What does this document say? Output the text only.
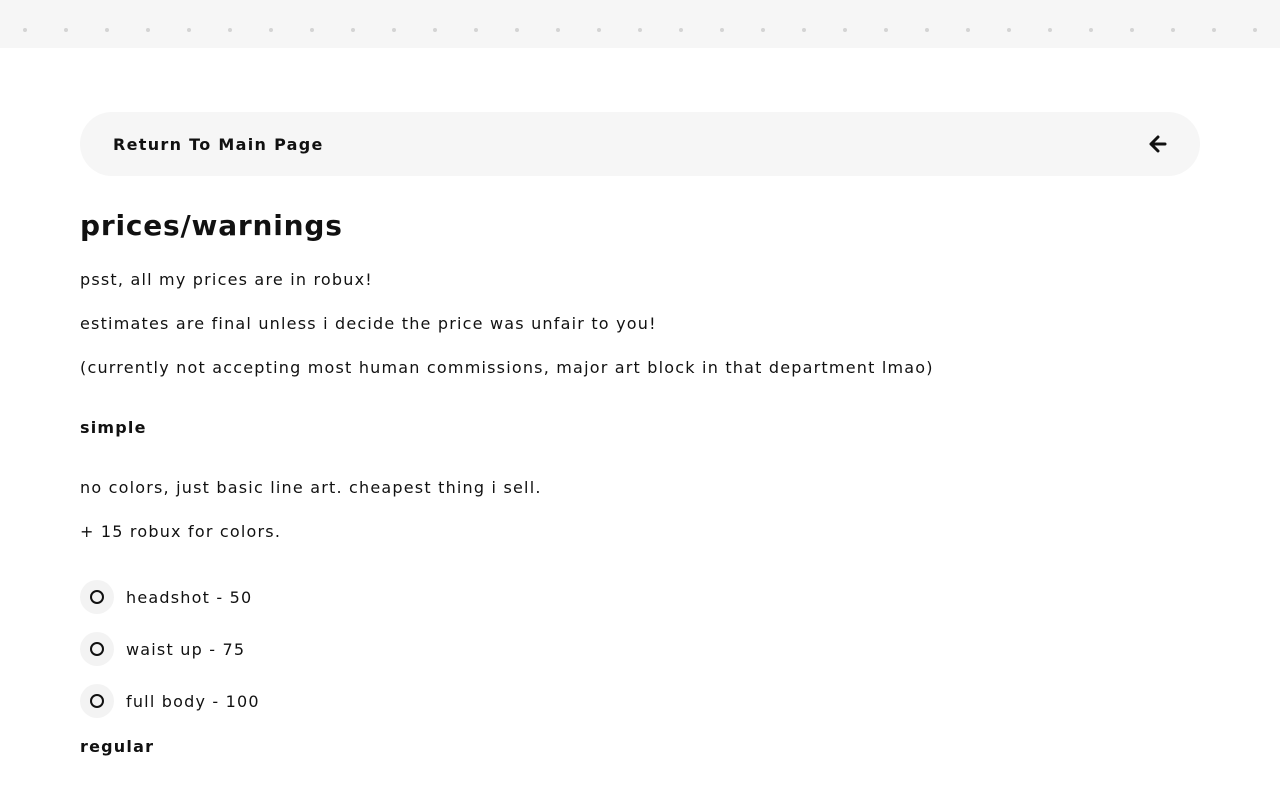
Return To Main Page
prices/warnings

psst, all my prices are in robux!

estimates are final unless i decide the price was unfair to you!

(currently not accepting most human commissions, major art block in that department lmao)

simple

no colors, just basic line art. cheapest thing i sell.

+ 15 robux for colors.

headshot - 50
waist up - 75
full body - 100
regular
